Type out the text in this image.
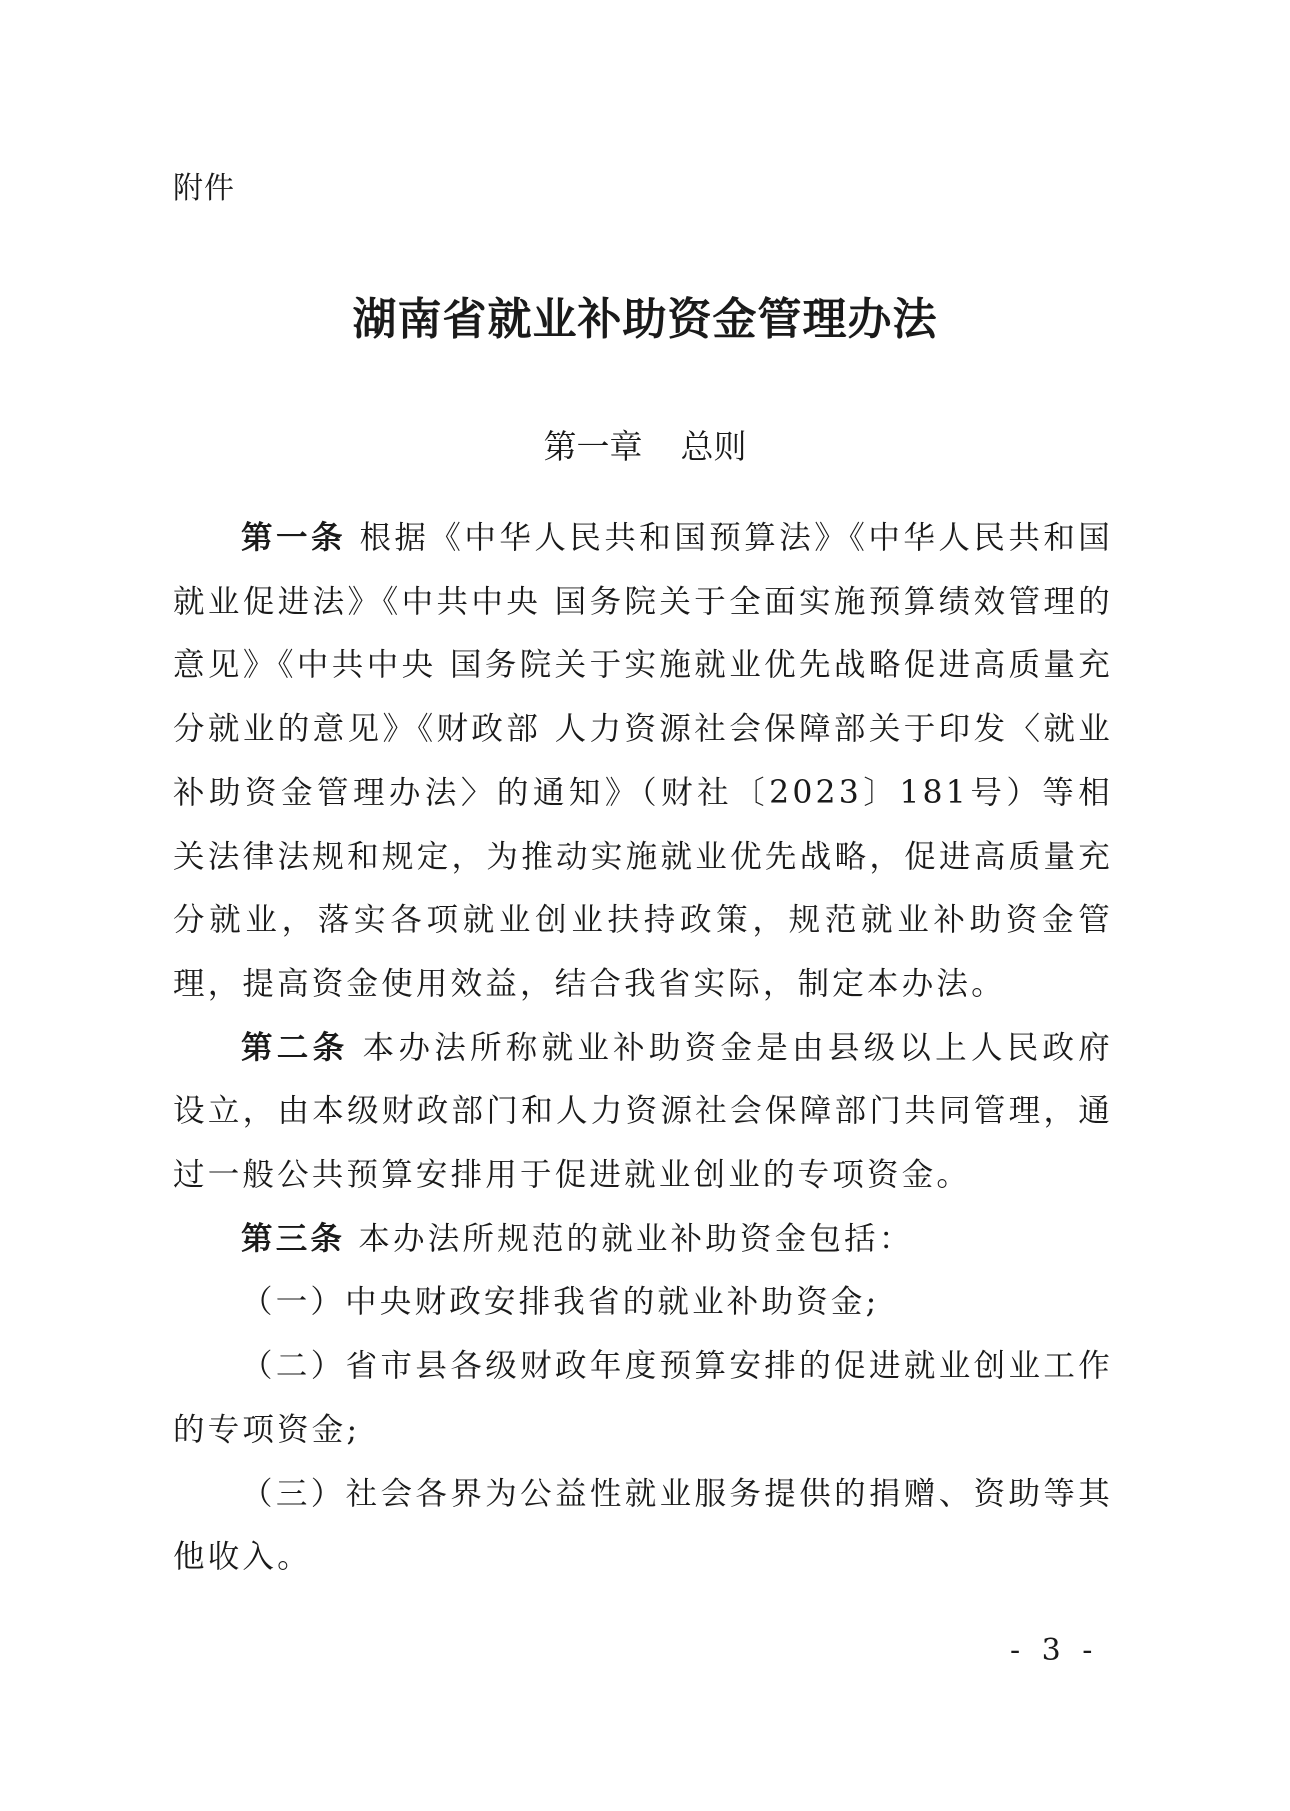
附件
湖南省就业补助资金管理办法
第一章 总则

第一条 根据《中华人民共和国预算法》《中华人民共和国就业促进法》《中共中央 国务院关于全面实施预算绩效管理的意见》《中共中央 国务院关于实施就业优先战略促进高质量充分就业的意见》《财政部 人力资源社会保障部关于印发〈就业补助资金管理办法〉的通知》（财社〔2023〕181号）等相关法律法规和规定，为推动实施就业优先战略，促进高质量充分就业，落实各项就业创业扶持政策，规范就业补助资金管理，提高资金使用效益，结合我省实际，制定本办法。

第二条 本办法所称就业补助资金是由县级以上人民政府设立，由本级财政部门和人力资源社会保障部门共同管理，通过一般公共预算安排用于促进就业创业的专项资金。

第三条 本办法所规范的就业补助资金包括：

（一）中央财政安排我省的就业补助资金;

（二）省市县各级财政年度预算安排的促进就业创业工作的专项资金;

（三）社会各界为公益性就业服务提供的捐赠、资助等其他收入。

- 3 -
